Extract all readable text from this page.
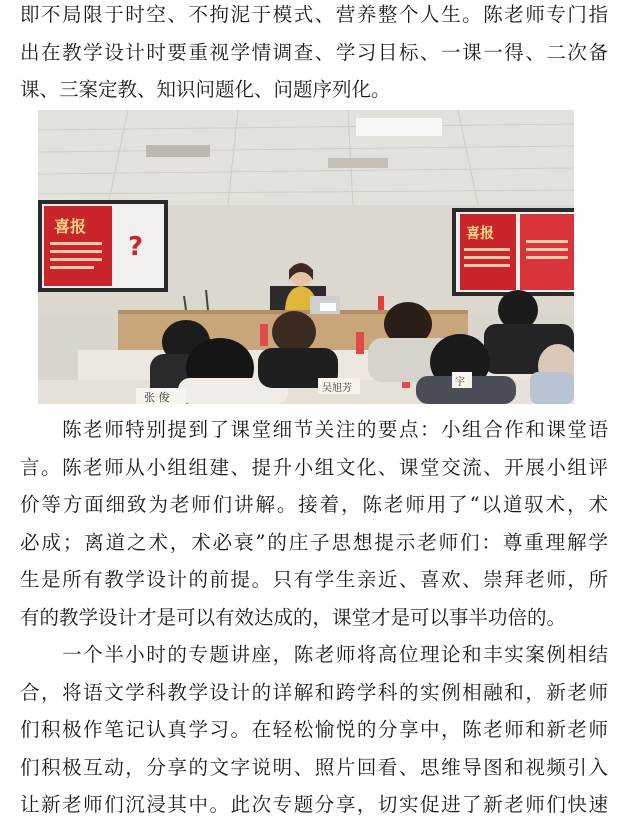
即不局限于时空、不拘泥于模式、营养整个人生。陈老师专门指
出在教学设计时要重视学情调查、学习目标、一课一得、二次备
课、三案定教、知识问题化、问题序列化。

喜报
?	喜报
张 俊
吴旭芳
宇

　　陈老师特别提到了课堂细节关注的要点：小组合作和课堂语
言。陈老师从小组组建、提升小组文化、课堂交流、开展小组评
价等方面细致为老师们讲解。接着，陈老师用了“以道驭术，术
必成；离道之术，术必衰”的庄子思想提示老师们：尊重理解学
生是所有教学设计的前提。只有学生亲近、喜欢、崇拜老师，所
有的教学设计才是可以有效达成的，课堂才是可以事半功倍的。

　　一个半小时的专题讲座，陈老师将高位理论和丰实案例相结
合，将语文学科教学设计的详解和跨学科的实例相融和，新老师
们积极作笔记认真学习。在轻松愉悦的分享中，陈老师和新老师
们积极互动，分享的文字说明、照片回看、思维导图和视频引入
让新老师们沉浸其中。此次专题分享，切实促进了新老师们快速
